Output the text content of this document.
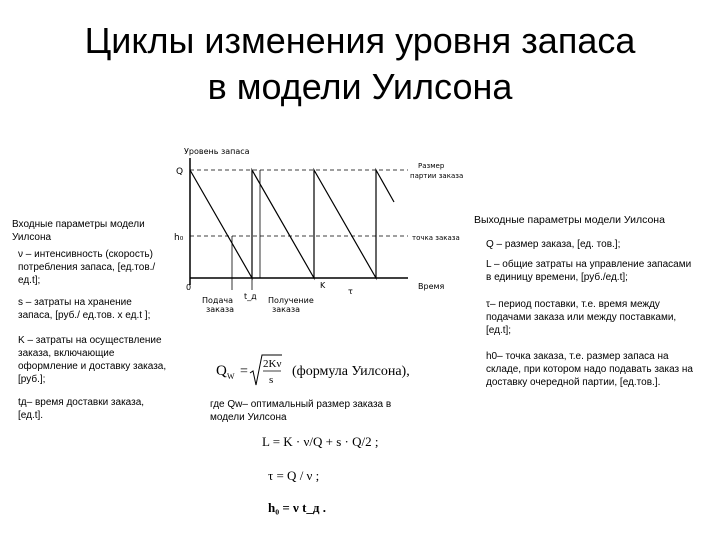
Циклы изменения уровня запаса
в модели Уилсона
Входные параметры модели Уилсона
ν – интенсивность (скорость) потребления запаса, [ед.тов./ед.t];
s – затраты на хранение запаса, [руб./ ед.тов. х ед.t ];
K – затраты на осуществление заказа, включающие оформление и доставку заказа, [руб.];
tд– время доставки заказа, [ед.t].
Выходные параметры модели Уилсона
Q – размер заказа, [ед. тов.];
L – общие затраты на управление запасами в единицу времени, [руб./ед.t];
τ– период поставки, т.е. время между подачами заказа или между поставками, [ед.t];
h0– точка заказа, т.е. размер запаса на складе, при котором надо подавать заказ на доставку очередной партии, [ед.тов.].
Уровень запаса
Время
Q
Размер
партии заказа
h₀	точка заказа
0
t_д
K
τ
Подача
заказа
Получение
заказа
Q W = 2Kν
s
(формула Уилсона),
где Qw– оптимальный размер заказа в модели Уилсона
L = K · ν/Q + s · Q/2 ;
τ = Q / ν ;
h₀ = ν t_д .
